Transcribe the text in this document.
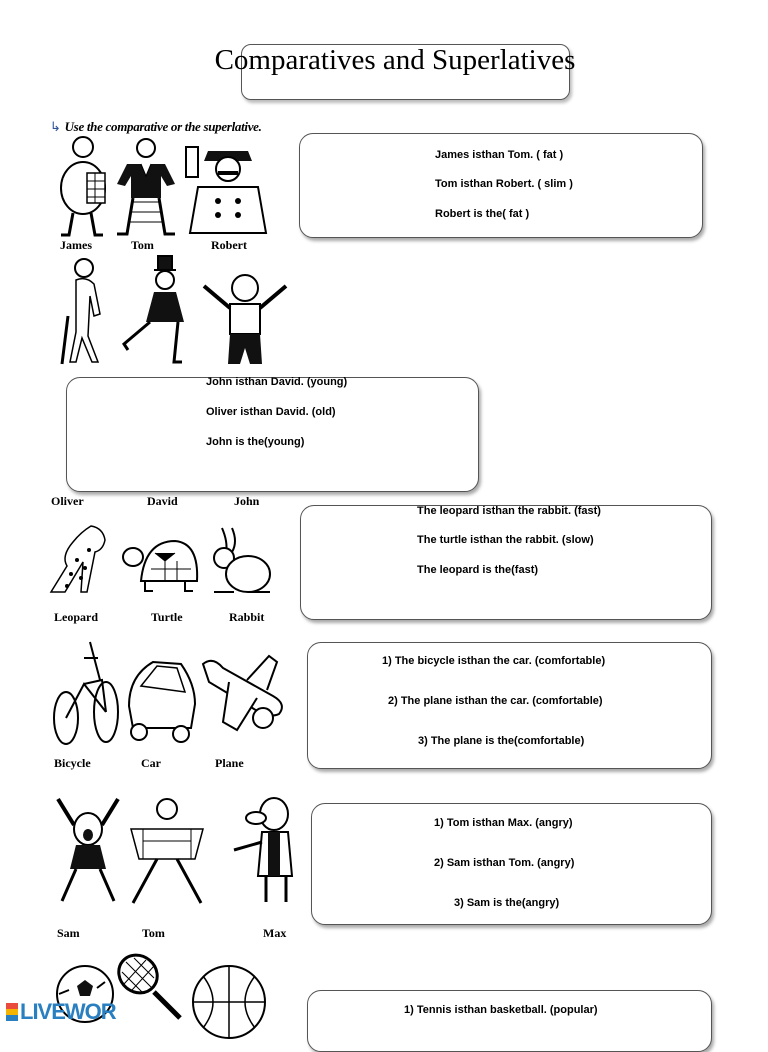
Comparatives and Superlatives
↳ Use the comparative or the superlative.
James	Tom	Robert
James isthan Tom. ( fat )
Tom isthan Robert. ( slim )
Robert is the( fat )
John isthan David. (young)
Oliver isthan David. (old)
John is the(young)
Oliver	David	John
Leopard	Turtle	Rabbit
The leopard isthan the rabbit. (fast)
The turtle isthan the rabbit. (slow)
The leopard is the(fast)
Bicycle	Car	Plane
1) The bicycle isthan the car. (comfortable)
2) The plane isthan the car. (comfortable)
3) The plane is the(comfortable)
Sam	Tom	Max
1) Tom isthan Max. (angry)
2) Sam isthan Tom. (angry)
3) Sam is the(angry)
1) Tennis isthan basketball. (popular)
LIVEWOR
